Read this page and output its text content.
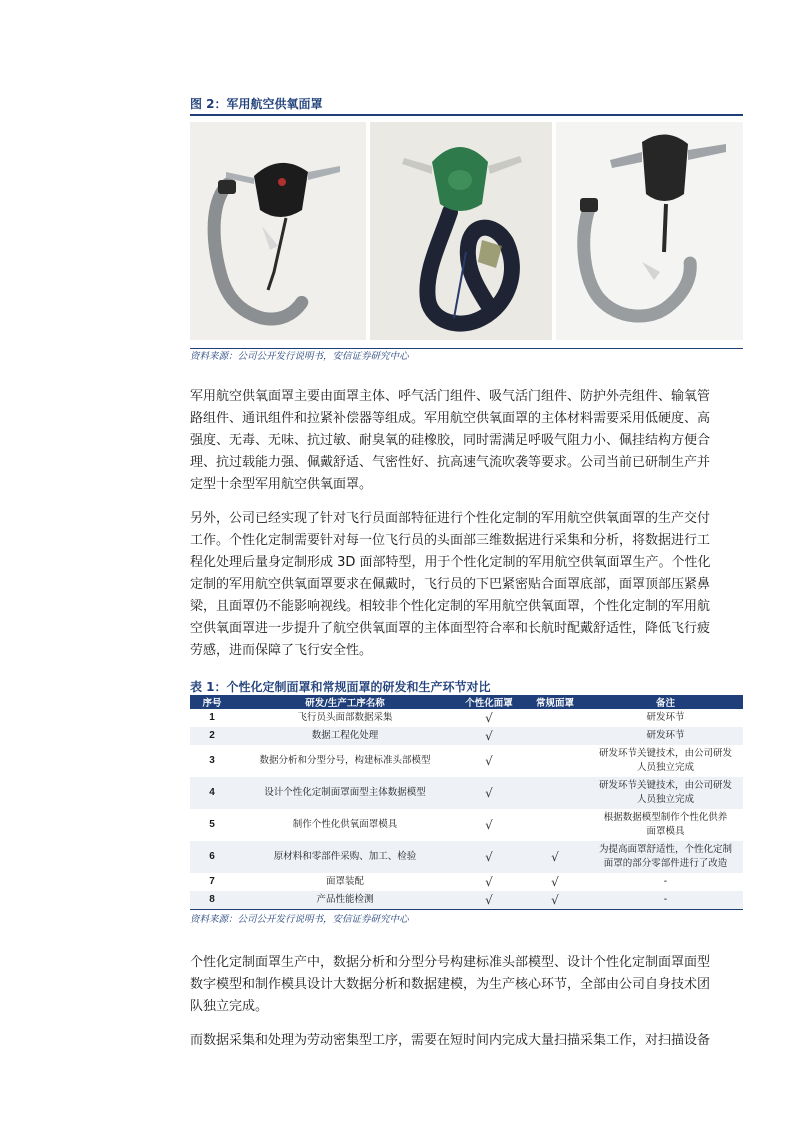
图 2：军用航空供氧面罩
资料来源：公司公开发行说明书，安信证券研究中心
军用航空供氧面罩主要由面罩主体、呼气活门组件、吸气活门组件、防护外壳组件、输氧管
路组件、通讯组件和拉紧补偿器等组成。军用航空供氧面罩的主体材料需要采用低硬度、高
强度、无毒、无味、抗过敏、耐臭氧的硅橡胶，同时需满足呼吸气阻力小、佩挂结构方便合
理、抗过载能力强、佩戴舒适、气密性好、抗高速气流吹袭等要求。公司当前已研制生产并
定型十余型军用航空供氧面罩。
另外，公司已经实现了针对飞行员面部特征进行个性化定制的军用航空供氧面罩的生产交付
工作。个性化定制需要针对每一位飞行员的头面部三维数据进行采集和分析，将数据进行工
程化处理后量身定制形成 3D 面部特型，用于个性化定制的军用航空供氧面罩生产。个性化
定制的军用航空供氧面罩要求在佩戴时，飞行员的下巴紧密贴合面罩底部，面罩顶部压紧鼻
梁，且面罩仍不能影响视线。相较非个性化定制的军用航空供氧面罩，个性化定制的军用航
空供氧面罩进一步提升了航空供氧面罩的主体面型符合率和长航时配戴舒适性，降低飞行疲
劳感，进而保障了飞行安全性。
表 1：个性化定制面罩和常规面罩的研发和生产环节对比
序号	研发/生产工序名称	个性化面罩	常规面罩	备注
1	飞行员头面部数据采集	√		研发环节

2	数据工程化处理	√		研发环节

3	数据分析和分型分号，构建标准头部模型	√		研发环节关键技术，由公司研发
人员独立完成

4	设计个性化定制面罩面型主体数据模型	√		研发环节关键技术，由公司研发
人员独立完成

5	制作个性化供氧面罩模具	√		根据数据模型制作个性化供养
面罩模具

6	原材料和零部件采购、加工、检验	√	√	为提高面罩舒适性，个性化定制
面罩的部分零部件进行了改造

7	面罩装配	√	√	-

8	产品性能检测	√	√	-
资料来源：公司公开发行说明书，安信证券研究中心
个性化定制面罩生产中，数据分析和分型分号构建标准头部模型、设计个性化定制面罩面型
数字模型和制作模具设计大数据分析和数据建模，为生产核心环节，全部由公司自身技术团
队独立完成。
而数据采集和处理为劳动密集型工序，需要在短时间内完成大量扫描采集工作，对扫描设备
